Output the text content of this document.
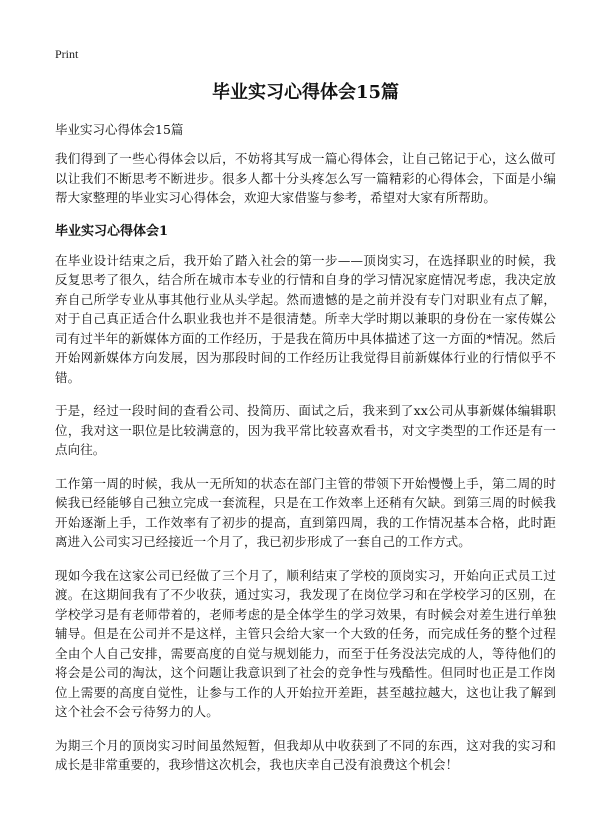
Print
毕业实习心得体会15篇

毕业实习心得体会15篇

我们得到了一些心得体会以后，不妨将其写成一篇心得体会，让自己铭记于心，这么做可以让我们不断思考不断进步。很多人都十分头疼怎么写一篇精彩的心得体会，下面是小编帮大家整理的毕业实习心得体会，欢迎大家借鉴与参考，希望对大家有所帮助。

毕业实习心得体会1

在毕业设计结束之后，我开始了踏入社会的第一步——顶岗实习，在选择职业的时候，我反复思考了很久，结合所在城市本专业的行情和自身的学习情况家庭情况考虑，我决定放弃自己所学专业从事其他行业从头学起。然而遗憾的是之前并没有专门对职业有点了解，对于自己真正适合什么职业我也并不是很清楚。所幸大学时期以兼职的身份在一家传媒公司有过半年的新媒体方面的工作经历，于是我在简历中具体描述了这一方面的*情况。然后开始网新媒体方向发展，因为那段时间的工作经历让我觉得目前新媒体行业的行情似乎不错。

于是，经过一段时间的查看公司、投简历、面试之后，我来到了xx公司从事新媒体编辑职位，我对这一职位是比较满意的，因为我平常比较喜欢看书，对文字类型的工作还是有一点向往。

工作第一周的时候，我从一无所知的状态在部门主管的带领下开始慢慢上手，第二周的时候我已经能够自己独立完成一套流程，只是在工作效率上还稍有欠缺。到第三周的时候我开始逐渐上手，工作效率有了初步的提高，直到第四周，我的工作情况基本合格，此时距离进入公司实习已经接近一个月了，我已初步形成了一套自己的工作方式。

现如今我在这家公司已经做了三个月了，顺利结束了学校的顶岗实习，开始向正式员工过渡。在这期间我有了不少收获，通过实习，我发现了在岗位学习和在学校学习的区别，在学校学习是有老师带着的，老师考虑的是全体学生的学习效果，有时候会对差生进行单独辅导。但是在公司并不是这样，主管只会给大家一个大致的任务，而完成任务的整个过程全由个人自己安排，需要高度的自觉与规划能力，而至于任务没法完成的人，等待他们的将会是公司的淘汰，这个问题让我意识到了社会的竞争性与残酷性。但同时也正是工作岗位上需要的高度自觉性，让参与工作的人开始拉开差距，甚至越拉越大，这也让我了解到这个社会不会亏待努力的人。

为期三个月的顶岗实习时间虽然短暂，但我却从中收获到了不同的东西，这对我的实习和成长是非常重要的，我珍惜这次机会，我也庆幸自己没有浪费这个机会！
